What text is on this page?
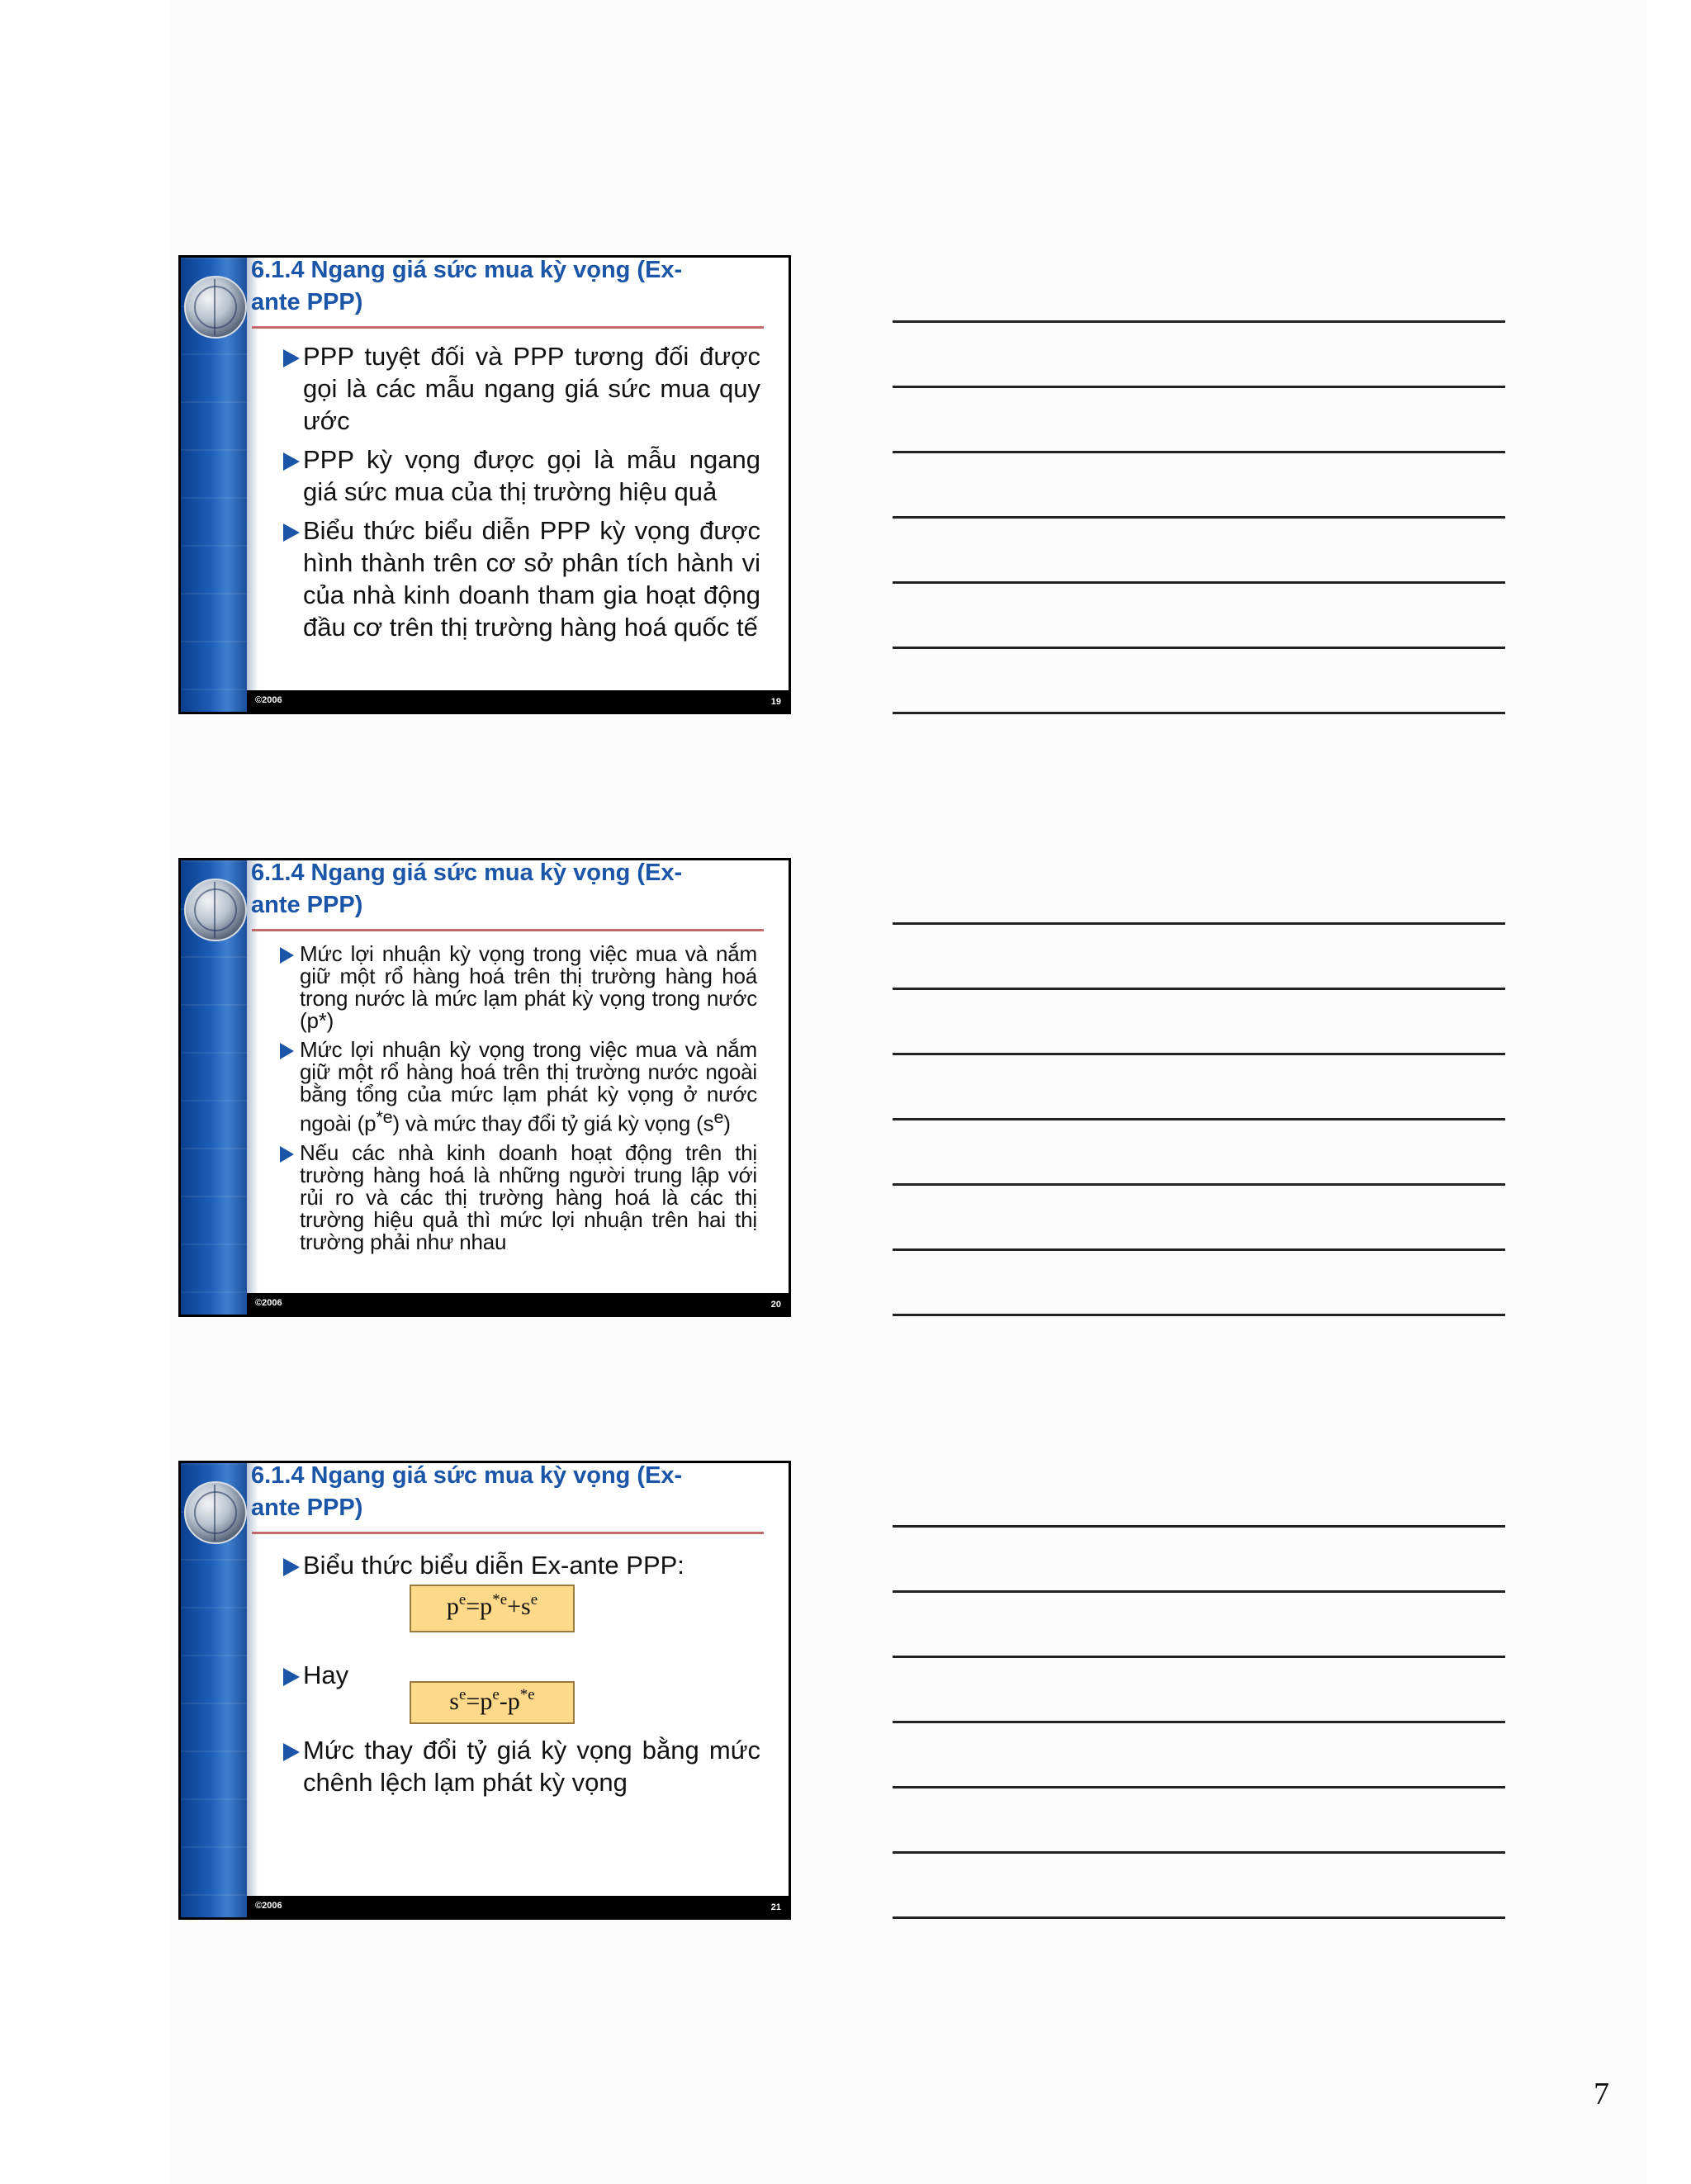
6.1.4 Ngang giá sức mua kỳ vọng (Ex-ante PPP)
PPP tuyệt đối và PPP tương đối được gọi là các mẫu ngang giá sức mua quy ước
PPP kỳ vọng được gọi là mẫu ngang giá sức mua của thị trường hiệu quả
Biểu thức biểu diễn PPP kỳ vọng được hình thành trên cơ sở phân tích hành vi của nhà kinh doanh tham gia hoạt động đầu cơ trên thị trường hàng hoá quốc tế
©2006	19
6.1.4 Ngang giá sức mua kỳ vọng (Ex-ante PPP)
Mức lợi nhuận kỳ vọng trong việc mua và nắm giữ một rổ hàng hoá trên thị trường hàng hoá trong nước là mức lạm phát kỳ vọng trong nước (p*)
Mức lợi nhuận kỳ vọng trong việc mua và nắm giữ một rổ hàng hoá trên thị trường nước ngoài bằng tổng của mức lạm phát kỳ vọng ở nước ngoài $(p^{*e})$ và mức thay đổi tỷ giá kỳ vọng $(s^e)$
Nếu các nhà kinh doanh hoạt động trên thị trường hàng hoá là những người trung lập với rủi ro và các thị trường hàng hoá là các thị trường hiệu quả thì mức lợi nhuận trên hai thị trường phải như nhau
©2006	20
6.1.4 Ngang giá sức mua kỳ vọng (Ex-ante PPP)
Biểu thức biểu diễn Ex-ante PPP:
Hay
Mức thay đổi tỷ giá kỳ vọng bằng mức chênh lệch lạm phát kỳ vọng
$p^e=p^{*e}+s^e$
$s^e=p^e-p^{*e}$
©2006	21
7
